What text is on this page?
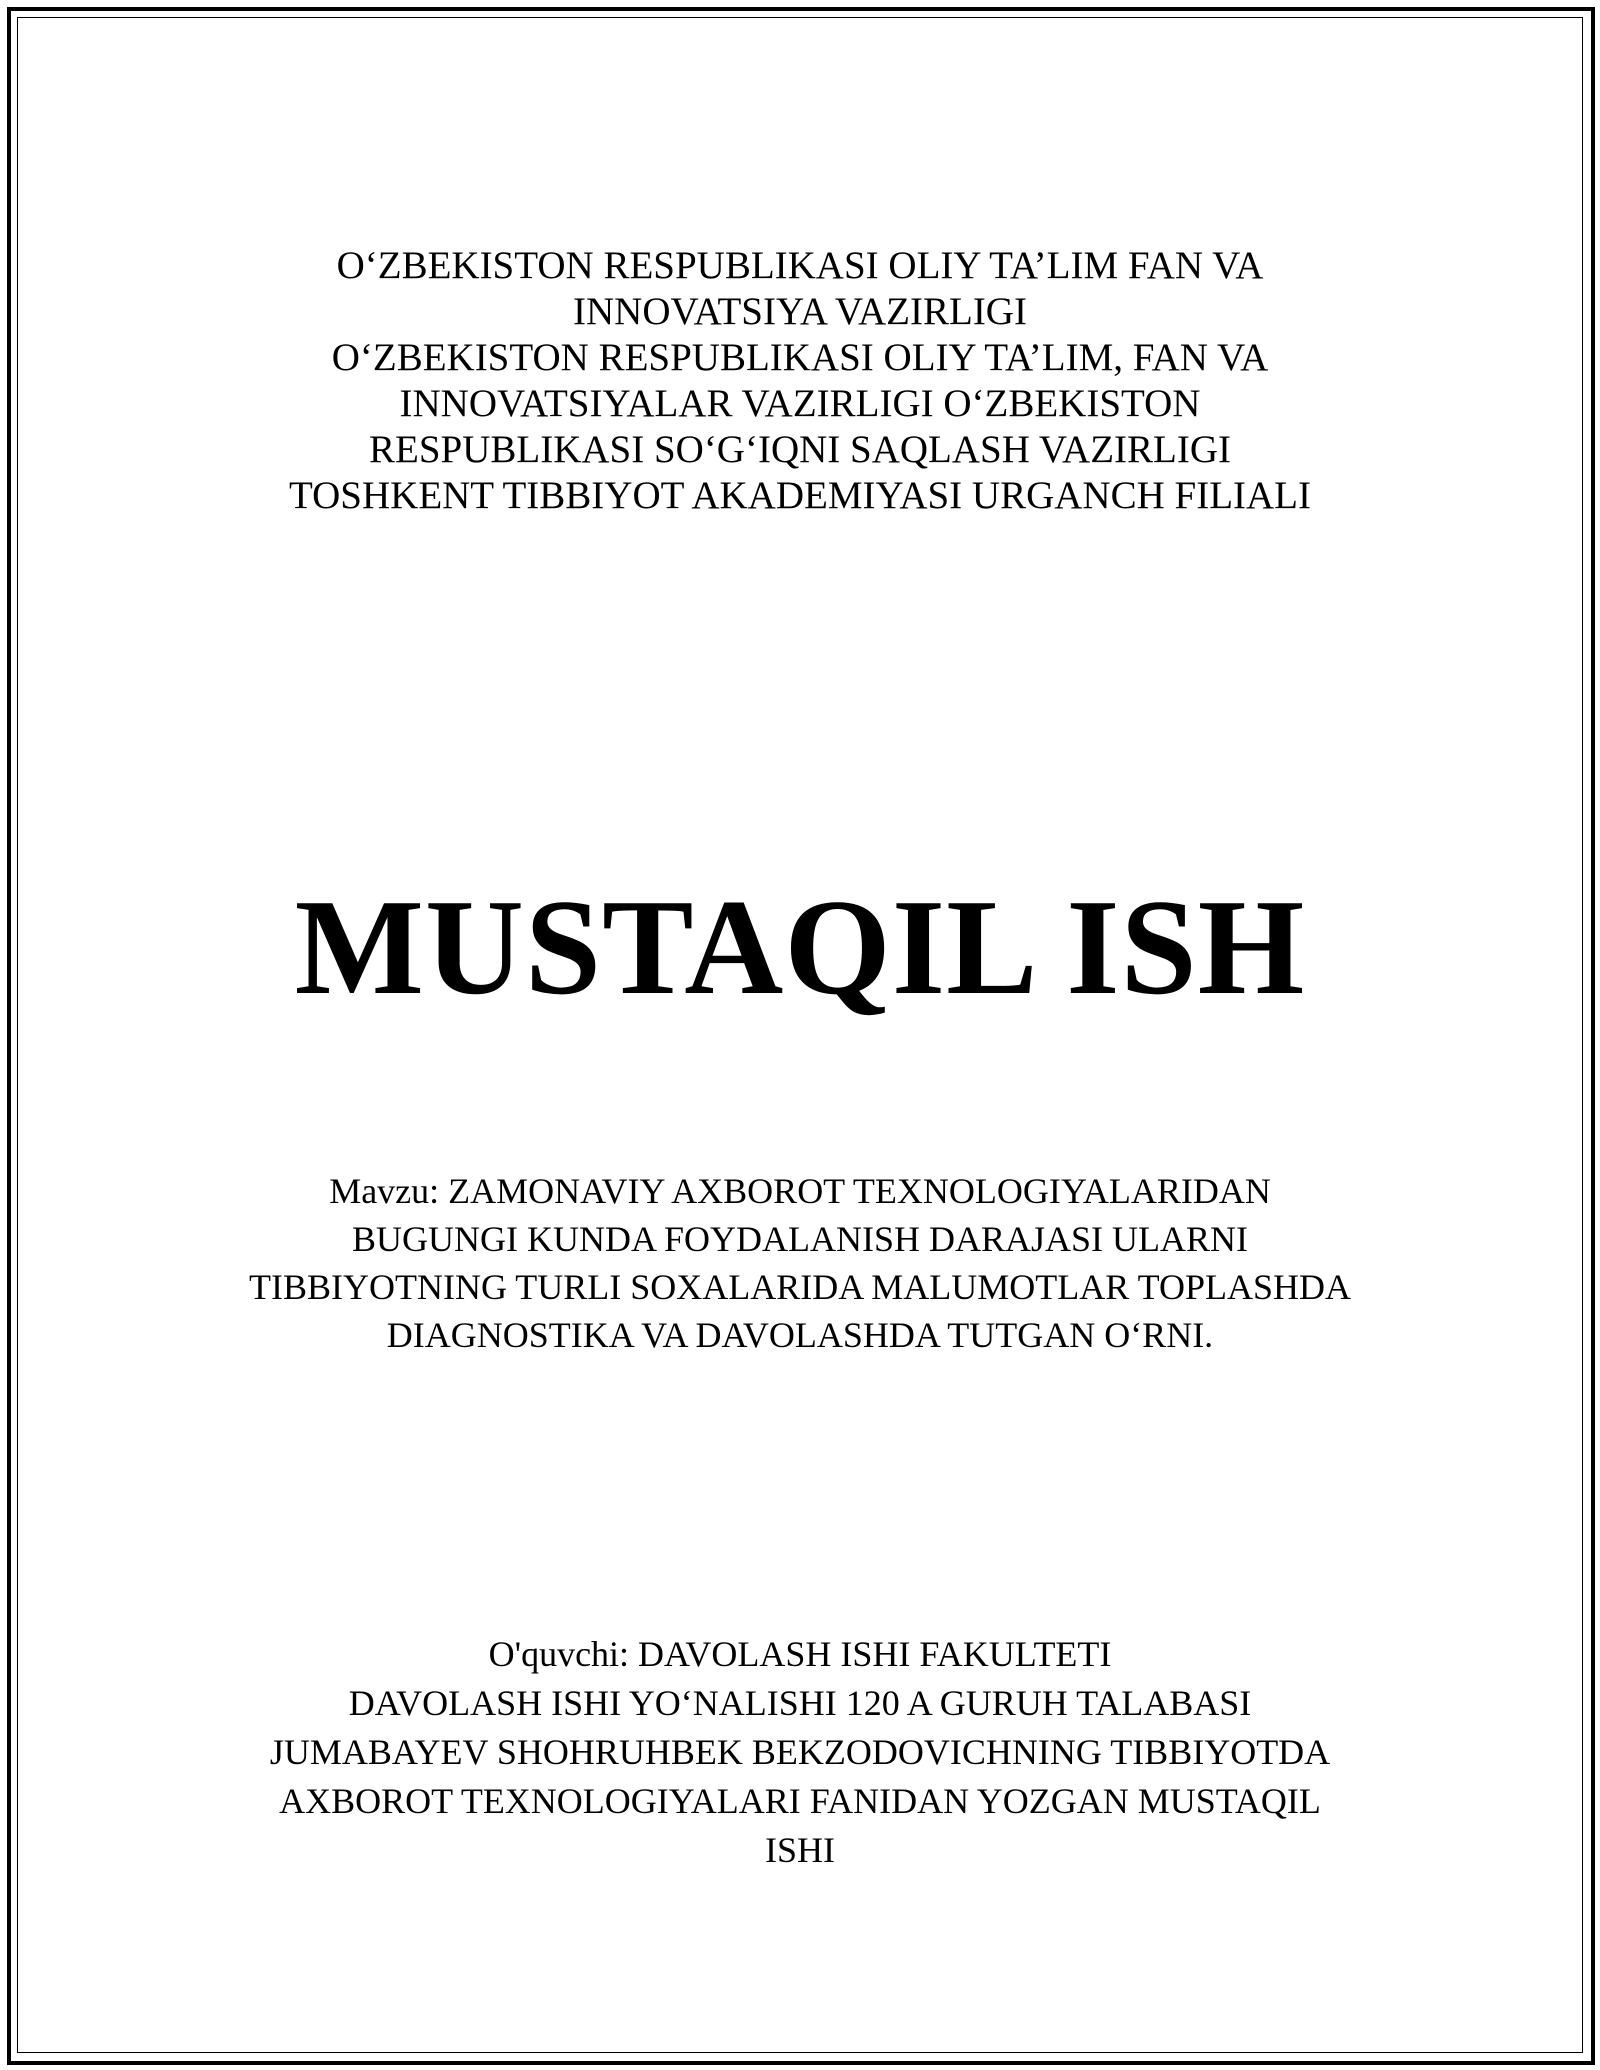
O‘ZBEKISTON RESPUBLIKASI OLIY TA’LIM FAN VA
INNOVATSIYA VAZIRLIGI
O‘ZBEKISTON RESPUBLIKASI OLIY TA’LIM, FAN VA
INNOVATSIYALAR VAZIRLIGI O‘ZBEKISTON
RESPUBLIKASI SO‘G‘IQNI SAQLASH VAZIRLIGI
TOSHKENT TIBBIYOT AKADEMIYASI URGANCH FILIALI
MUSTAQIL ISH
Mavzu: ZAMONAVIY AXBOROT TEXNOLOGIYALARIDAN
BUGUNGI KUNDA FOYDALANISH DARAJASI ULARNI
TIBBIYOTNING TURLI SOXALARIDA MALUMOTLAR TOPLASHDA
DIAGNOSTIKA VA DAVOLASHDA TUTGAN O‘RNI.
O'quvchi: DAVOLASH ISHI FAKULTETI
DAVOLASH ISHI YO‘NALISHI 120 A GURUH TALABASI
JUMABAYEV SHOHRUHBEK BEKZODOVICHNING TIBBIYOTDA
AXBOROT TEXNOLOGIYALARI FANIDAN YOZGAN MUSTAQIL
ISHI
